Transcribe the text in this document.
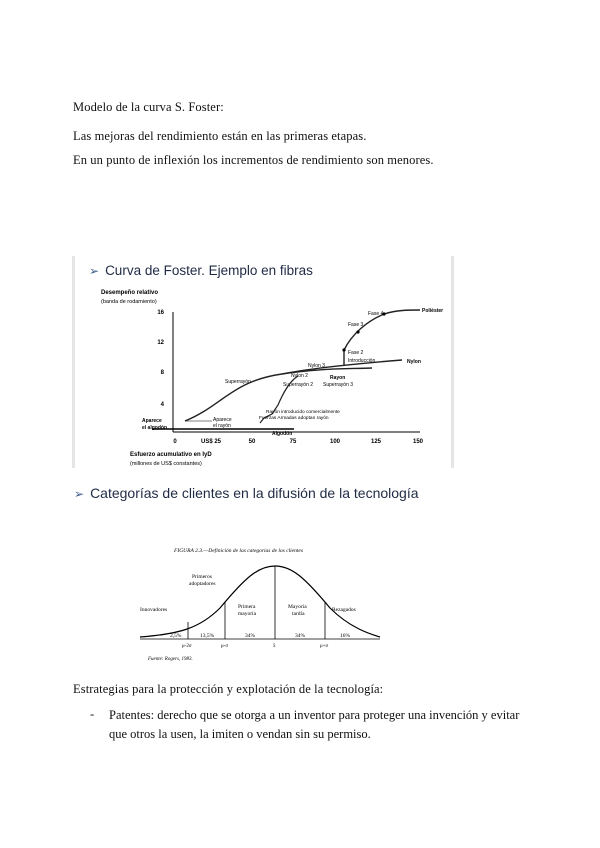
Modelo de la curva S. Foster:
Las mejoras del rendimiento están en las primeras etapas.
En un punto de inflexión los incrementos de rendimiento son menores.
16
12
8
4
0	US$ 25	50	75	100	125	150
Desempeño relativo
(banda de rodamiento)
Esfuerzo acumulativo en IyD
(millones de US$ constantes)
Aparece
el algodón
Algodón
Aparece
el rayón
Superrayón
Nylon 2	Rayon
Superrayón 2 Superrayón 3
Rayón introducido comercialmente
Fuerzas Armadas adoptan rayón
Nylon 3
Nylon
Introducción
Poliéster
Fase 4
Fase 3
Fase 2
➢ Curva de Foster. Ejemplo en fibras
➢ Categorías de clientes en la difusión de la tecnología
FIGURA 2.3.—Definición de las categorías de los clientes
Innovadores
Primeros
adoptadores
Primera
mayoría
Mayoría
tardía
Rezagados
2,5%	13,5%	34%	34%	16%
μ-2σ	μ-σ	x̄	μ+σ
Fuente: Rogers, 1983.
Estrategias para la protección y explotación de la tecnología:
- Patentes: derecho que se otorga a un inventor para proteger una invención y evitar que otros la usen, la imiten o vendan sin su permiso.
